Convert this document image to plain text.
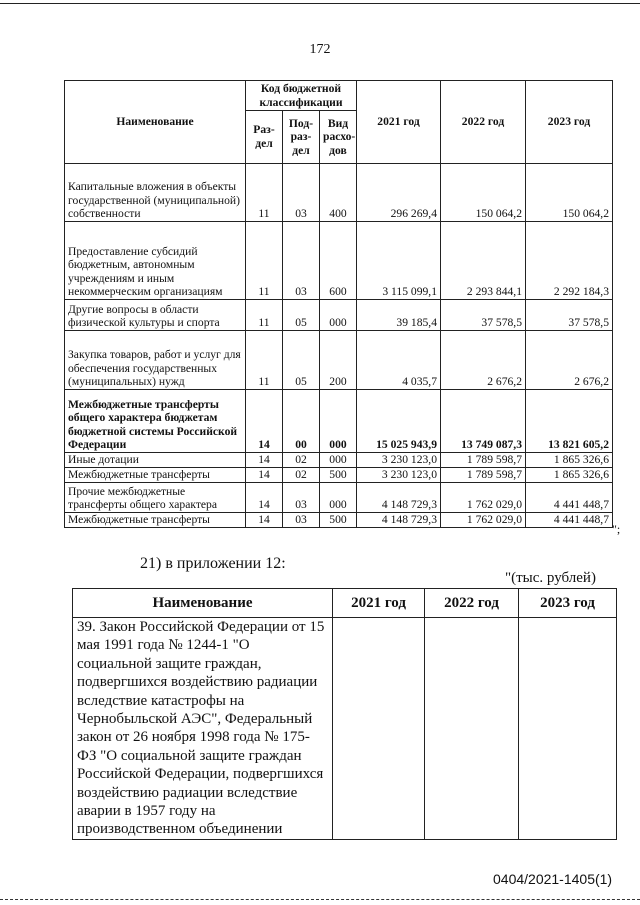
172
Наименование	Код бюджетной классификации			2021 год	2022 год	2023 год
	Раз- дел	Под- раз- дел	Вид расхо- дов			
Капитальные вложения в объекты государственной (муниципальной) собственности	11	03	400	296 269,4	150 064,2	150 064,2
Предоставление субсидий бюджетным, автономным учреждениям и иным некоммерческим организациям	11	03	600	3 115 099,1	2 293 844,1	2 292 184,3
Другие вопросы в области физической культуры и спорта	11	05	000	39 185,4	37 578,5	37 578,5
Закупка товаров, работ и услуг для обеспечения государственных (муниципальных) нужд	11	05	200	4 035,7	2 676,2	2 676,2
Межбюджетные трансферты общего характера бюджетам бюджетной системы Российской Федерации	14	00	000	15 025 943,9	13 749 087,3	13 821 605,2
Иные дотации	14	02	000	3 230 123,0	1 789 598,7	1 865 326,6
Межбюджетные трансферты	14	02	500	3 230 123,0	1 789 598,7	1 865 326,6
Прочие межбюджетные трансферты общего характера	14	03	000	4 148 729,3	1 762 029,0	4 441 448,7
Межбюджетные трансферты	14	03	500	4 148 729,3	1 762 029,0	4 441 448,7
";
21) в приложении 12:
"(тыс. рублей)
Наименование	2021 год	2022 год	2023 год
39. Закон Российской Федерации от 15 мая 1991 года № 1244-1 "О социальной защите граждан, подвергшихся воздействию радиации вследствие катастрофы на Чернобыльской АЭС", Федеральный закон от 26 ноября 1998 года № 175-ФЗ "О социальной защите граждан Российской Федерации, подвергшихся воздействию радиации вследствие аварии в 1957 году на производственном объединении			
0404/2021-1405(1)
